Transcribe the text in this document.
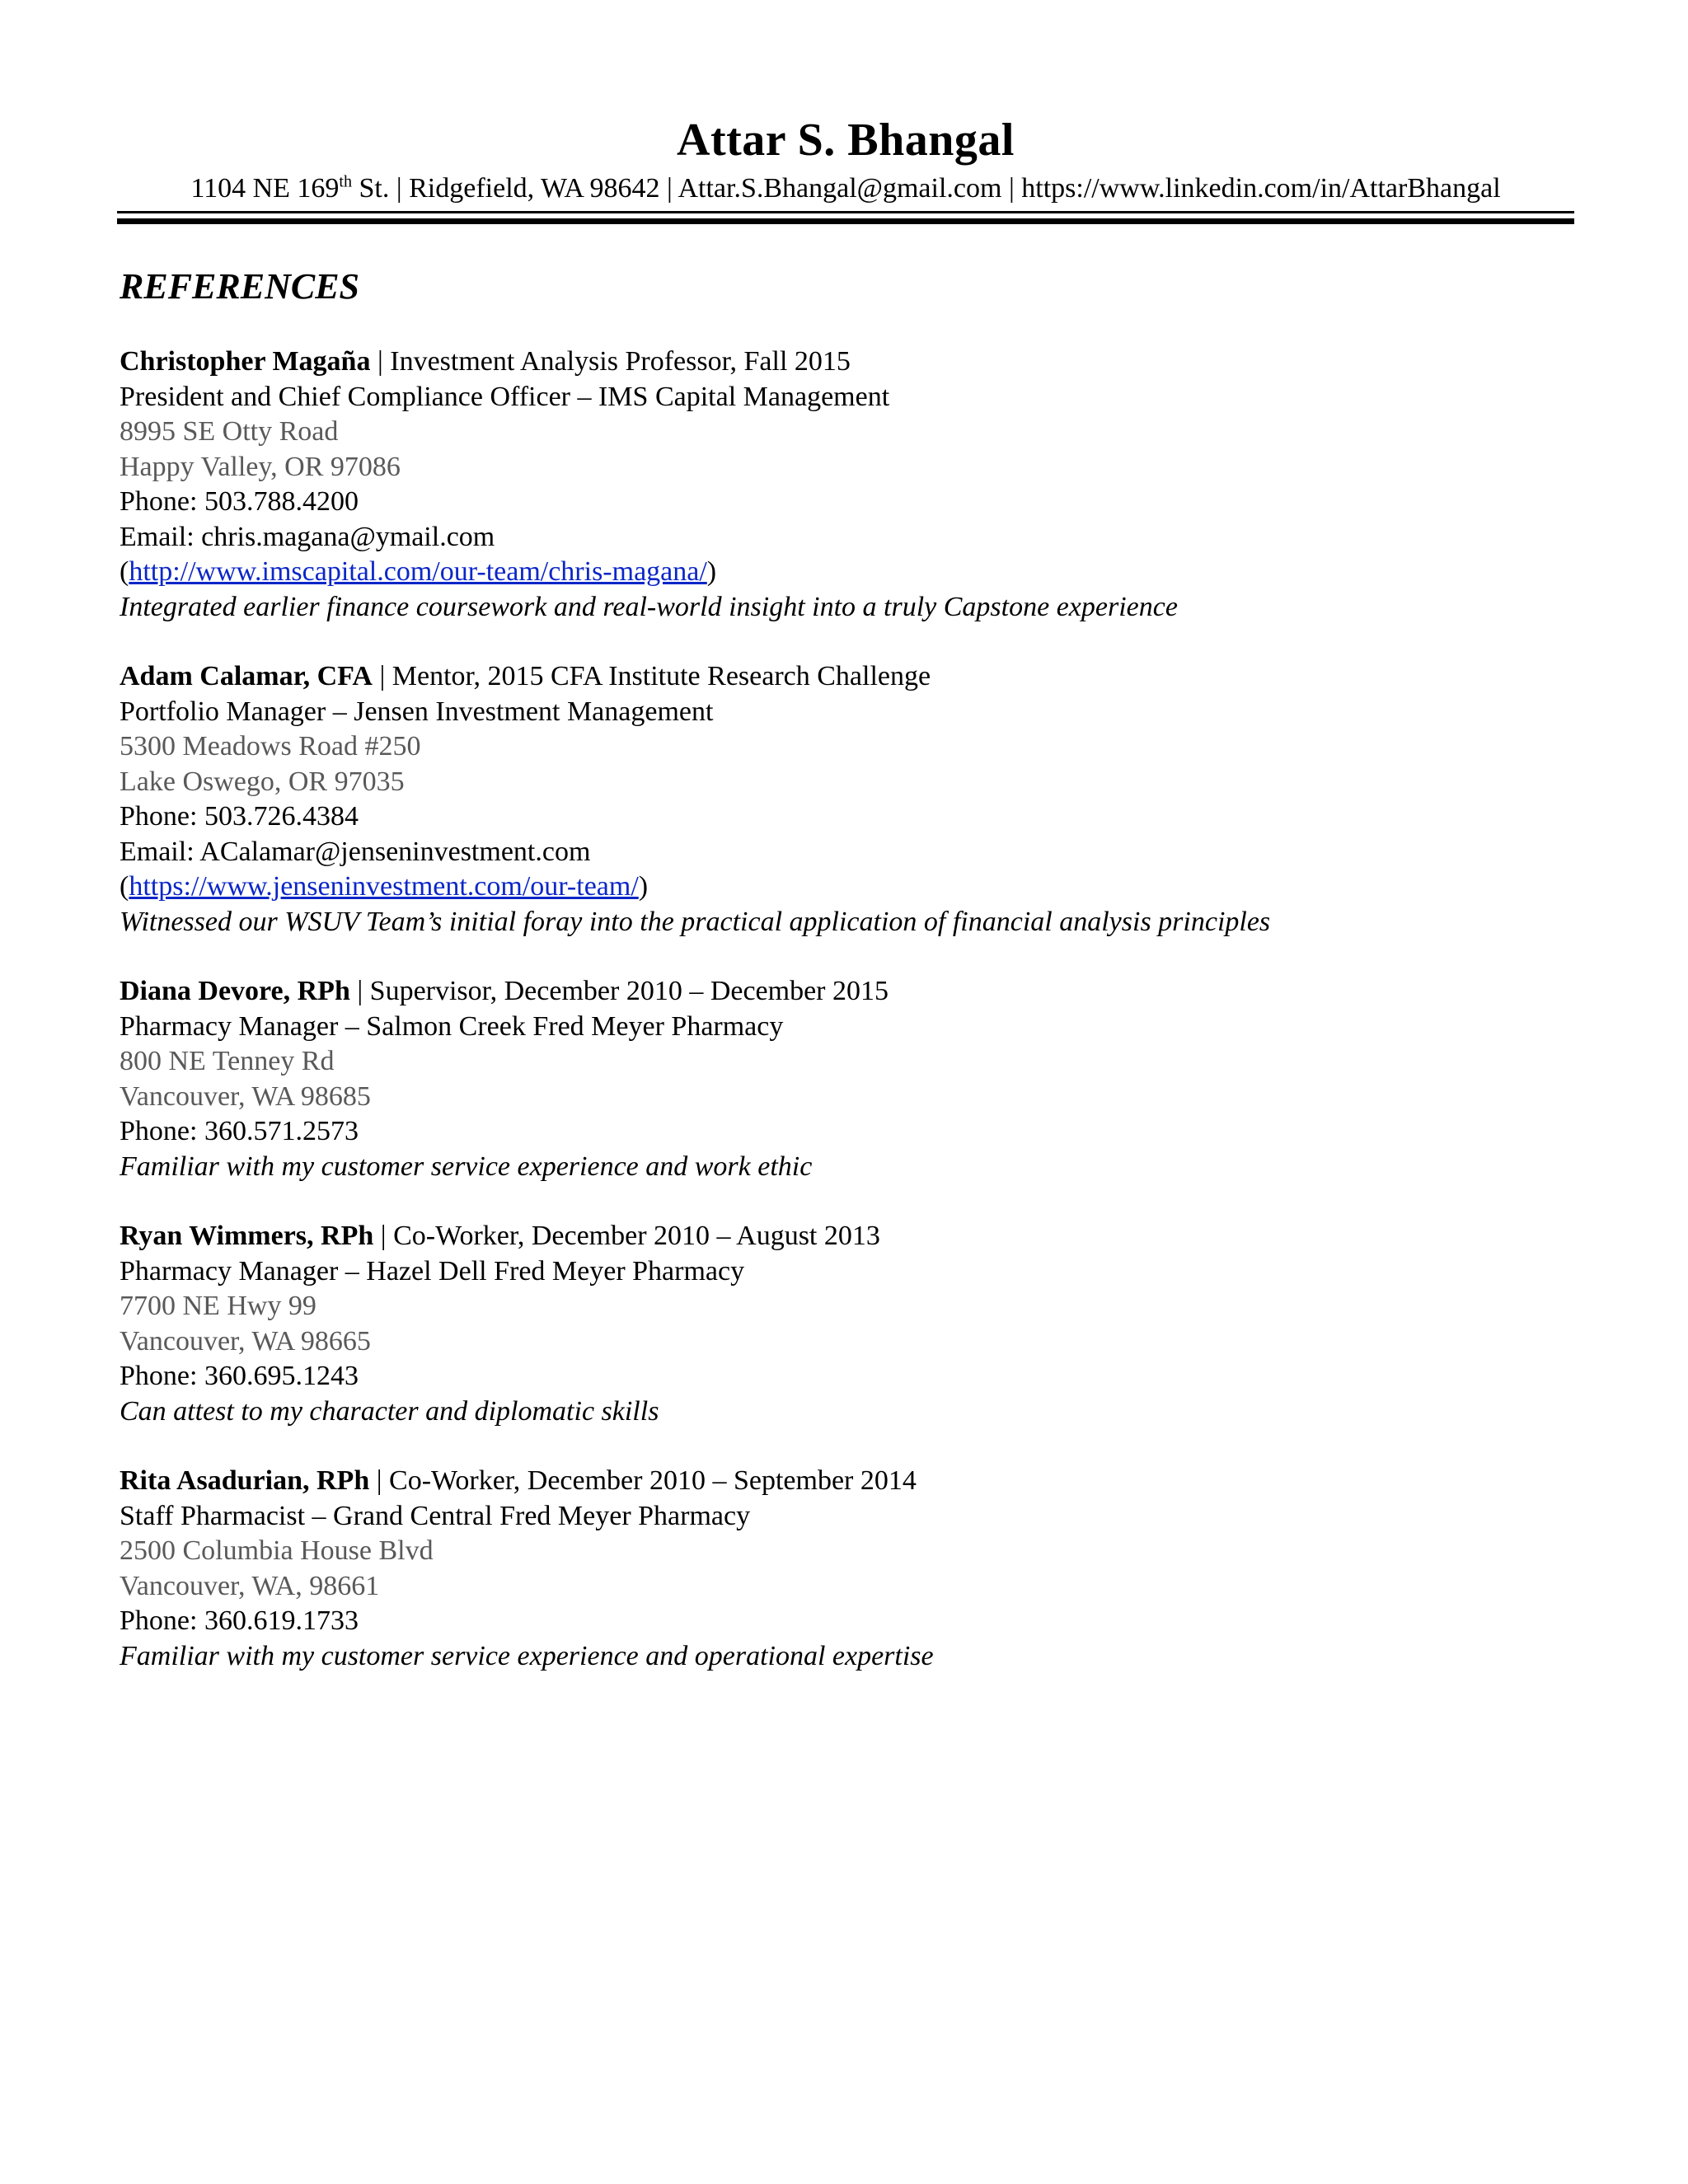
Attar S. Bhangal
1104 NE 169th St. | Ridgefield, WA 98642 | Attar.S.Bhangal@gmail.com | https://www.linkedin.com/in/AttarBhangal
REFERENCES
Christopher Magaña | Investment Analysis Professor, Fall 2015
President and Chief Compliance Officer – IMS Capital Management
8995 SE Otty Road
Happy Valley, OR 97086
Phone: 503.788.4200
Email: chris.magana@ymail.com
(http://www.imscapital.com/our-team/chris-magana/)
Integrated earlier finance coursework and real-world insight into a truly Capstone experience
Adam Calamar, CFA | Mentor, 2015 CFA Institute Research Challenge
Portfolio Manager – Jensen Investment Management
5300 Meadows Road #250
Lake Oswego, OR 97035
Phone: 503.726.4384
Email: ACalamar@jenseninvestment.com
(https://www.jenseninvestment.com/our-team/)
Witnessed our WSUV Team’s initial foray into the practical application of financial analysis principles
Diana Devore, RPh | Supervisor, December 2010 – December 2015
Pharmacy Manager – Salmon Creek Fred Meyer Pharmacy
800 NE Tenney Rd
Vancouver, WA 98685
Phone: 360.571.2573
Familiar with my customer service experience and work ethic
Ryan Wimmers, RPh | Co-Worker, December 2010 – August 2013
Pharmacy Manager – Hazel Dell Fred Meyer Pharmacy
7700 NE Hwy 99
Vancouver, WA 98665
Phone: 360.695.1243
Can attest to my character and diplomatic skills
Rita Asadurian, RPh | Co-Worker, December 2010 – September 2014
Staff Pharmacist – Grand Central Fred Meyer Pharmacy
2500 Columbia House Blvd
Vancouver, WA, 98661
Phone: 360.619.1733
Familiar with my customer service experience and operational expertise
